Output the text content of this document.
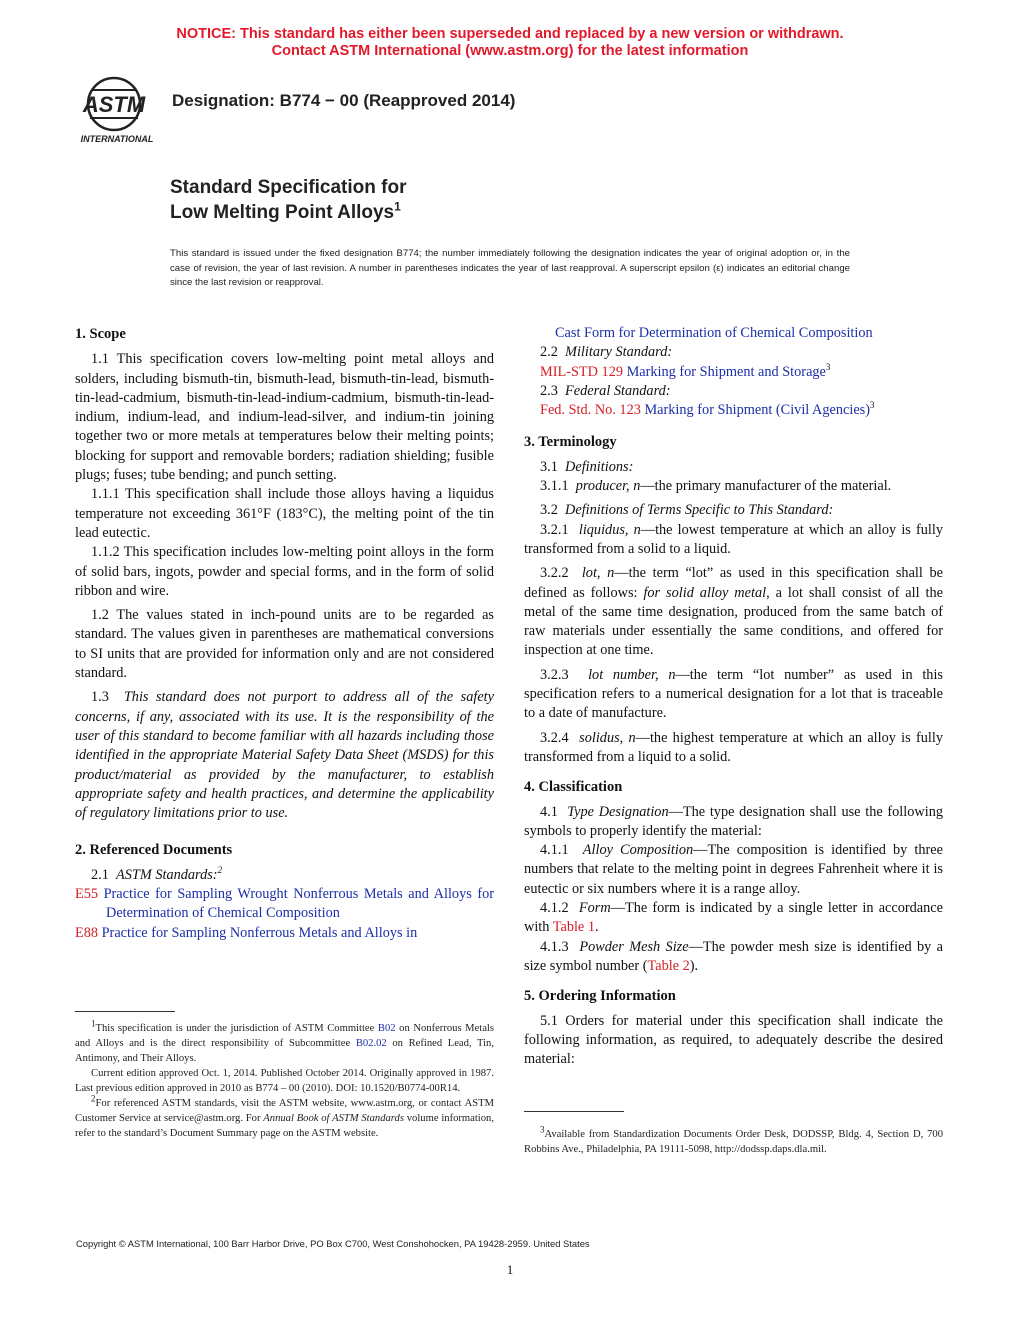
NOTICE: This standard has either been superseded and replaced by a new version or withdrawn.
Contact ASTM International (www.astm.org) for the latest information
ASTM
INTERNATIONAL
Designation: B774 − 00 (Reapproved 2014)
Standard Specification for
Low Melting Point Alloys$^1$
This standard is issued under the fixed designation B774; the number immediately following the designation indicates the year of original adoption or, in the case of revision, the year of last revision. A number in parentheses indicates the year of last reapproval. A superscript epsilon (ε) indicates an editorial change since the last revision or reapproval.

1. Scope

1.1 This specification covers low-melting point metal alloys and solders, including bismuth-tin, bismuth-lead, bismuth-tin-lead, bismuth-tin-lead-cadmium, bismuth-tin-lead-indium-cadmium, bismuth-tin-lead-indium, indium-lead, and indium-lead-silver, and indium-tin joining together two or more metals at temperatures below their melting points; blocking for support and removable borders; radiation shielding; fusible plugs; fuses; tube bending; and punch setting.

1.1.1 This specification shall include those alloys having a liquidus temperature not exceeding 361°F (183°C), the melting point of the tin lead eutectic.

1.1.2 This specification includes low-melting point alloys in the form of solid bars, ingots, powder and special forms, and in the form of solid ribbon and wire.

1.2 The values stated in inch-pound units are to be regarded as standard. The values given in parentheses are mathematical conversions to SI units that are provided for information only and are not considered standard.

1.3 This standard does not purport to address all of the safety concerns, if any, associated with its use. It is the responsibility of the user of this standard to become familiar with all hazards including those identified in the appropriate Material Safety Data Sheet (MSDS) for this product/material as provided by the manufacturer, to establish appropriate safety and health practices, and determine the applicability of regulatory limitations prior to use.

2. Referenced Documents

2.1 ASTM Standards:$^2$

E55 Practice for Sampling Wrought Nonferrous Metals and Alloys for Determination of Chemical Composition

E88 Practice for Sampling Nonferrous Metals and Alloys in

$^1$This specification is under the jurisdiction of ASTM Committee B02 on Nonferrous Metals and Alloys and is the direct responsibility of Subcommittee B02.02 on Refined Lead, Tin, Antimony, and Their Alloys.
Current edition approved Oct. 1, 2014. Published October 2014. Originally approved in 1987. Last previous edition approved in 2010 as B774 – 00 (2010). DOI: 10.1520/B0774-00R14.
$^2$For referenced ASTM standards, visit the ASTM website, www.astm.org, or contact ASTM Customer Service at service@astm.org. For Annual Book of ASTM Standards volume information, refer to the standard’s Document Summary page on the ASTM website.

Cast Form for Determination of Chemical Composition

2.2 Military Standard:

MIL-STD 129 Marking for Shipment and Storage$^3$

2.3 Federal Standard:

Fed. Std. No. 123 Marking for Shipment (Civil Agencies)$^3$

3. Terminology

3.1 Definitions:

3.1.1 producer, n—the primary manufacturer of the material.

3.2 Definitions of Terms Specific to This Standard:

3.2.1 liquidus, n—the lowest temperature at which an alloy is fully transformed from a solid to a liquid.

3.2.2 lot, n—the term “lot” as used in this specification shall be defined as follows: for solid alloy metal, a lot shall consist of all the metal of the same time designation, produced from the same batch of raw materials under essentially the same conditions, and offered for inspection at one time.

3.2.3 lot number, n—the term “lot number” as used in this specification refers to a numerical designation for a lot that is traceable to a date of manufacture.

3.2.4 solidus, n—the highest temperature at which an alloy is fully transformed from a liquid to a solid.

4. Classification

4.1 Type Designation—The type designation shall use the following symbols to properly identify the material:

4.1.1 Alloy Composition—The composition is identified by three numbers that relate to the melting point in degrees Fahrenheit where it is eutectic or six numbers where it is a range alloy.

4.1.2 Form—The form is indicated by a single letter in accordance with Table 1.

4.1.3 Powder Mesh Size—The powder mesh size is identified by a size symbol number (Table 2).

5. Ordering Information

5.1 Orders for material under this specification shall indicate the following information, as required, to adequately describe the desired material:

$^3$Available from Standardization Documents Order Desk, DODSSP, Bldg. 4, Section D, 700 Robbins Ave., Philadelphia, PA 19111-5098, http://dodssp.daps.dla.mil.
Copyright © ASTM International, 100 Barr Harbor Drive, PO Box C700, West Conshohocken, PA 19428-2959. United States
1
